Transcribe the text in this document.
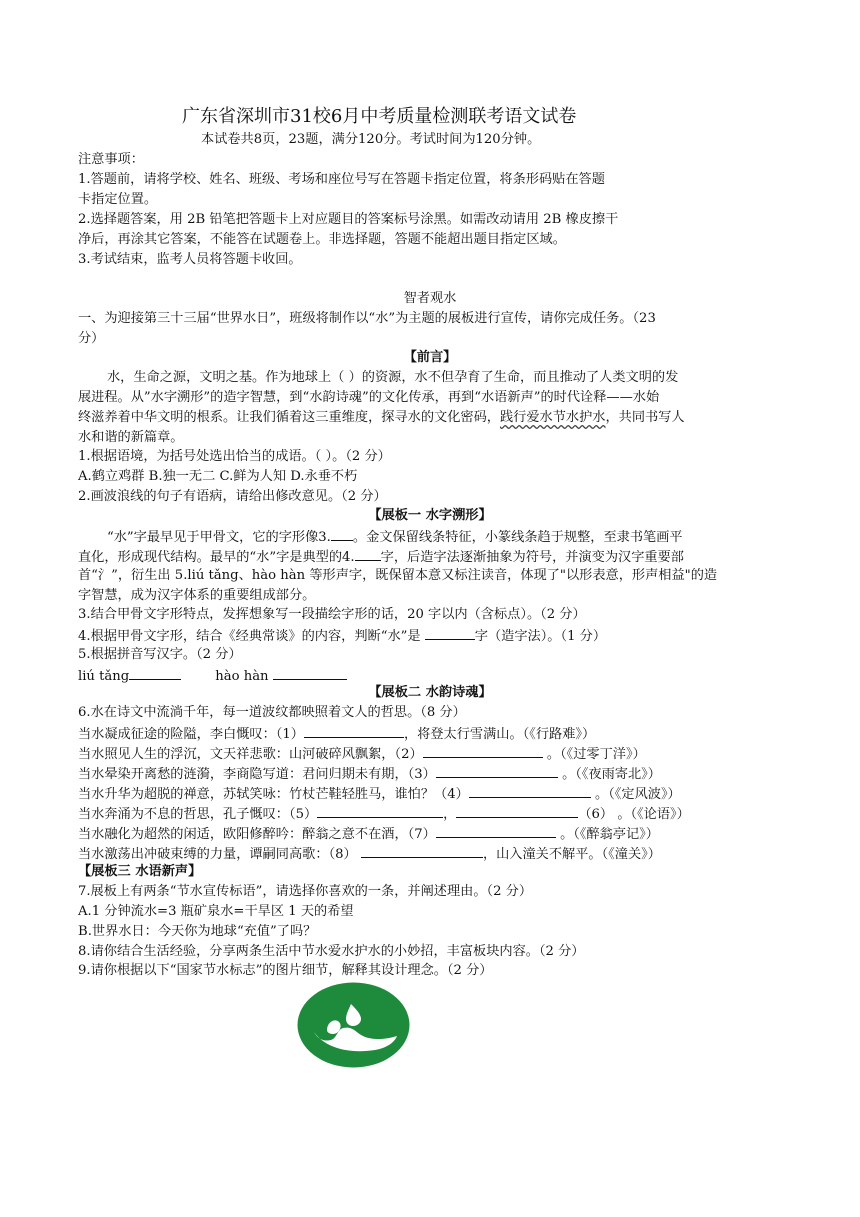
广东省深圳市31校6月中考质量检测联考语文试卷
本试卷共8页，23题，满分120分。考试时间为120分钟。
注意事项：
1.答题前，请将学校、姓名、班级、考场和座位号写在答题卡指定位置，将条形码贴在答题
卡指定位置。
2.选择题答案，用 2B 铅笔把答题卡上对应题目的答案标号涂黑。如需改动请用 2B 橡皮擦干
净后，再涂其它答案，不能答在试题卷上。非选择题，答题不能超出题目指定区域。
3.考试结束，监考人员将答题卡收回。
智者观水
一、为迎接第三十三届“世界水日”，班级将制作以“水”为主题的展板进行宣传，请你完成任务。（23
分）
【前言】
水，生命之源，文明之基。作为地球上（ ）的资源，水不但孕育了生命，而且推动了人类文明的发
展进程。从”水字溯形”的造字智慧，到“水韵诗魂”的文化传承，再到“水语新声”的时代诠释——水始
终滋养着中华文明的根系。让我们循着这三重维度，探寻水的文化密码，践行爱水节水护水，共同书写人
水和谐的新篇章。
1.根据语境，为括号处选出恰当的成语。（ ）。（2 分）
A.鹤立鸡群 B.独一无二 C.鲜为人知 D.永垂不朽
2.画波浪线的句子有语病，请给出修改意见。（2 分）
【展板一 水字溯形】
“水”字最早见于甲骨文，它的字形像3. 。金文保留线条特征，小篆线条趋于规整，至隶书笔画平
直化，形成现代结构。最早的“水”字是典型的4. 字，后造字法逐渐抽象为符号，并演变为汉字重要部
首“氵”，衍生出 5.liú tǎng、hào hàn 等形声字，既保留本意又标注读音，体现了"以形表意，形声相益"的造
字智慧，成为汉字体系的重要组成部分。
3.结合甲骨文字形特点，发挥想象写一段描绘字形的话，20 字以内（含标点）。（2 分）
4.根据甲骨文字形，结合《经典常谈》的内容，判断“水”是	字（造字法）。（1 分）
5.根据拼音写汉字。（2 分）
liú tǎng	hào hàn
【展板二 水韵诗魂】
6.水在诗文中流淌千年，每一道波纹都映照着文人的哲思。（8 分）
当水凝成征途的险隘，李白慨叹：（1）	，将登太行雪满山。（《行路难》）
当水照见人生的浮沉，文天祥悲歌：山河破碎风飘絮，（2）	。（《过零丁洋》）
当水晕染开离愁的涟漪，李商隐写道：君问归期未有期，（3）	。（《夜雨寄北》）
当水升华为超脱的禅意，苏轼笑咏：竹杖芒鞋轻胜马，谁怕？（4）	。（《定风波》）
当水奔涌为不息的哲思，孔子慨叹：（5）	，	（6） 。（《论语》）
当水融化为超然的闲适，欧阳修醉吟：醉翁之意不在酒，（7）	。（《醉翁亭记》）
当水激荡出冲破束缚的力量，谭嗣同高歌：（8）	，山入潼关不解平。（《潼关》）
【展板三 水语新声】
7.展板上有两条“节水宣传标语”，请选择你喜欢的一条，并阐述理由。（2 分）
A.1 分钟流水=3 瓶矿泉水=干旱区 1 天的希望
B.世界水日：今天你为地球“充值”了吗？
8.请你结合生活经验，分享两条生活中节水爱水护水的小妙招，丰富板块内容。（2 分）
9.请你根据以下“国家节水标志”的图片细节，解释其设计理念。（2 分）
